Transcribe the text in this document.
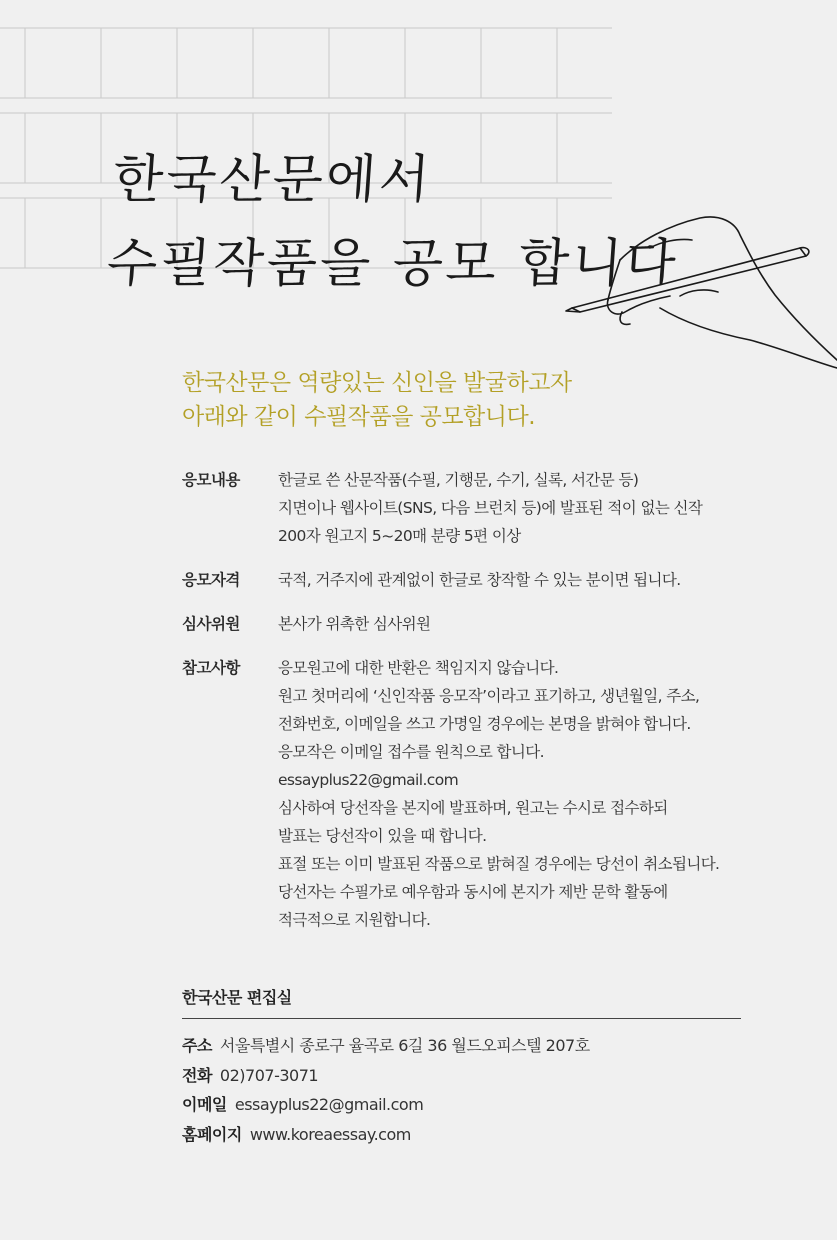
한국산문에서
수필작품을 공모 합니다
한국산문은 역량있는 신인을 발굴하고자
아래와 같이 수필작품을 공모합니다.
응모내용	한글로 쓴 산문작품(수필, 기행문, 수기, 실록, 서간문 등)
지면이나 웹사이트(SNS, 다음 브런치 등)에 발표된 적이 없는 신작
200자 원고지 5~20매 분량 5편 이상
응모자격	국적, 거주지에 관계없이 한글로 창작할 수 있는 분이면 됩니다.
심사위원	본사가 위촉한 심사위원
참고사항	응모원고에 대한 반환은 책임지지 않습니다.
원고 첫머리에 ‘신인작품 응모작’이라고 표기하고, 생년월일, 주소,
전화번호, 이메일을 쓰고 가명일 경우에는 본명을 밝혀야 합니다.
응모작은 이메일 접수를 원칙으로 합니다.
essayplus22@gmail.com
심사하여 당선작을 본지에 발표하며, 원고는 수시로 접수하되
발표는 당선작이 있을 때 합니다.
표절 또는 이미 발표된 작품으로 밝혀질 경우에는 당선이 취소됩니다.
당선자는 수필가로 예우함과 동시에 본지가 제반 문학 활동에
적극적으로 지원합니다.
한국산문 편집실
주소 서울특별시 종로구 율곡로 6길 36 월드오피스텔 207호
전화 02)707-3071
이메일 essayplus22@gmail.com
홈페이지 www.koreaessay.com
